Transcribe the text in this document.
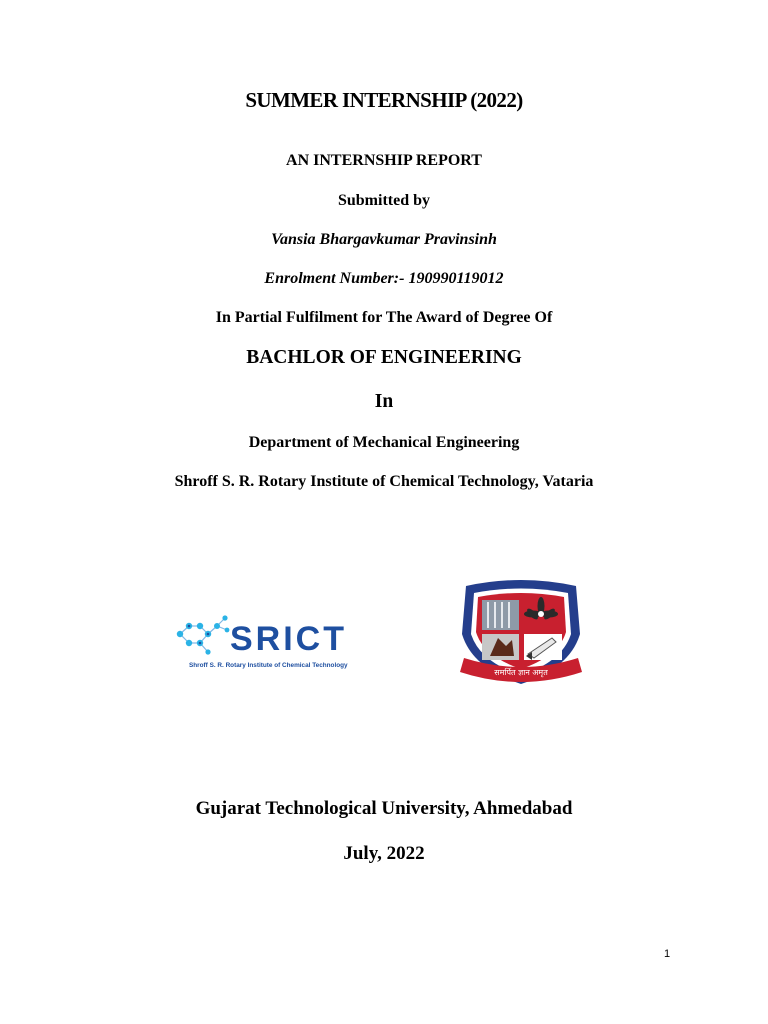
SUMMER INTERNSHIP (2022)

AN INTERNSHIP REPORT

Submitted by

Vansia Bhargavkumar Pravinsinh

Enrolment Number:- 190990119012

In Partial Fulfilment for The Award of Degree Of

BACHLOR OF ENGINEERING

In

Department of Mechanical Engineering

Shroff S. R. Rotary Institute of Chemical Technology, Vataria

SRICT
Shroff S. R. Rotary Institute of Chemical Technology
समर्पित ज्ञान अमृत

Gujarat Technological University, Ahmedabad

July, 2022

1
